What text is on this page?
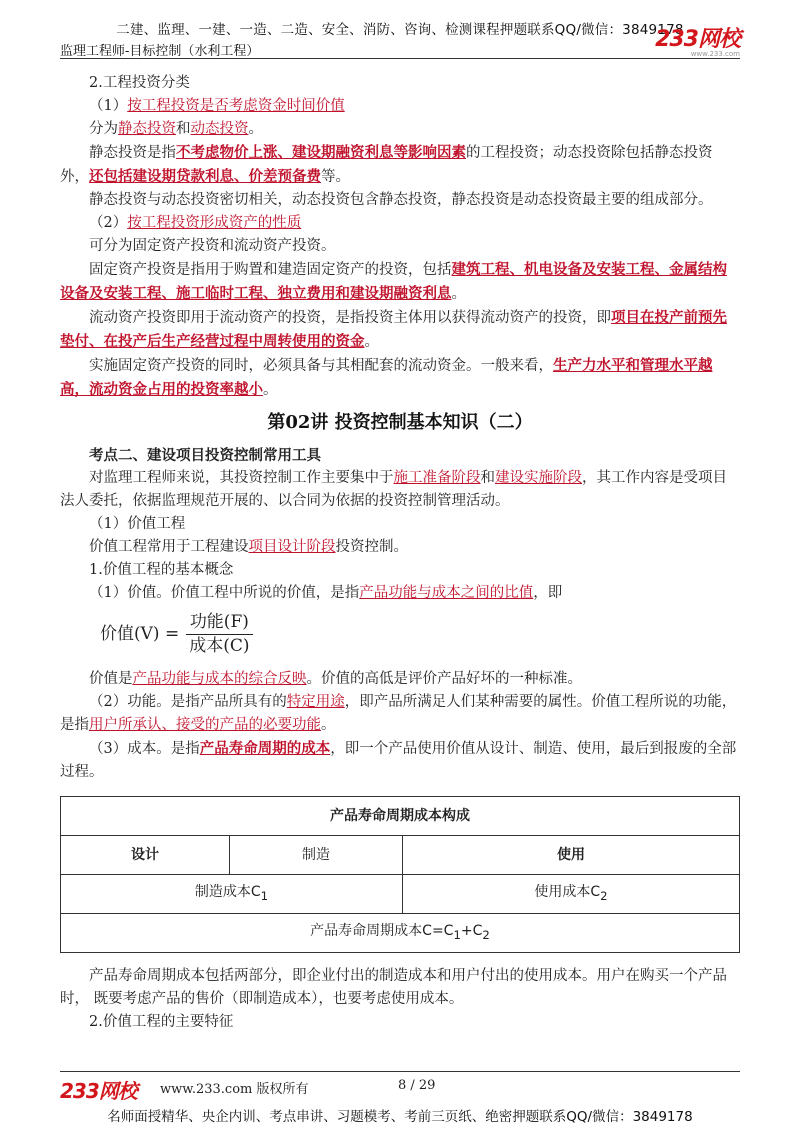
二建、监理、一建、一造、二造、安全、消防、咨询、检测课程押题联系QQ/微信：3849178
监理工程师-目标控制（水利工程）	233网校
www.233.com

2.工程投资分类

（1）按工程投资是否考虑资金时间价值

分为静态投资和动态投资。

静态投资是指不考虑物价上涨、建设期融资利息等影响因素的工程投资；动态投资除包括静态投资外，还包括建设期贷款利息、价差预备费等。

静态投资与动态投资密切相关，动态投资包含静态投资，静态投资是动态投资最主要的组成部分。

（2）按工程投资形成资产的性质

可分为固定资产投资和流动资产投资。

固定资产投资是指用于购置和建造固定资产的投资，包括建筑工程、机电设备及安装工程、金属结构设备及安装工程、施工临时工程、独立费用和建设期融资利息。

流动资产投资即用于流动资产的投资，是指投资主体用以获得流动资产的投资，即项目在投产前预先垫付、在投产后生产经营过程中周转使用的资金。

实施固定资产投资的同时，必须具备与其相配套的流动资金。一般来看，生产力水平和管理水平越高，流动资金占用的投资率越小。

第02讲 投资控制基本知识（二）

考点二、建设项目投资控制常用工具

对监理工程师来说，其投资控制工作主要集中于施工准备阶段和建设实施阶段，其工作内容是受项目法人委托，依据监理规范开展的、以合同为依据的投资控制管理活动。

（1）价值工程

价值工程常用于工程建设项目设计阶段投资控制。

1.价值工程的基本概念

（1）价值。价值工程中所说的价值，是指产品功能与成本之间的比值，即

价值$(V) = \frac{\text{功能(F)}}{\text{成本(C)}}$

价值是产品功能与成本的综合反映。价值的高低是评价产品好坏的一种标准。

（2）功能。是指产品所具有的特定用途，即产品所满足人们某种需要的属性。价值工程所说的功能，是指用户所承认、接受的产品的必要功能。

（3）成本。是指产品寿命周期的成本，即一个产品使用价值从设计、制造、使用，最后到报废的全部过程。

产品寿命周期成本构成		
设计	制造	使用
制造成本$C_1$		使用成本$C_2$
产品寿命周期成本$C=C_1+C_2$

产品寿命周期成本包括两部分，即企业付出的制造成本和用户付出的使用成本。用户在购买一个产品时， 既要考虑产品的售价（即制造成本），也要考虑使用成本。

2.价值工程的主要特征

233网校 www.233.com 版权所有	8 / 29
名师面授精华、央企内训、考点串讲、习题模考、考前三页纸、绝密押题联系QQ/微信：3849178
